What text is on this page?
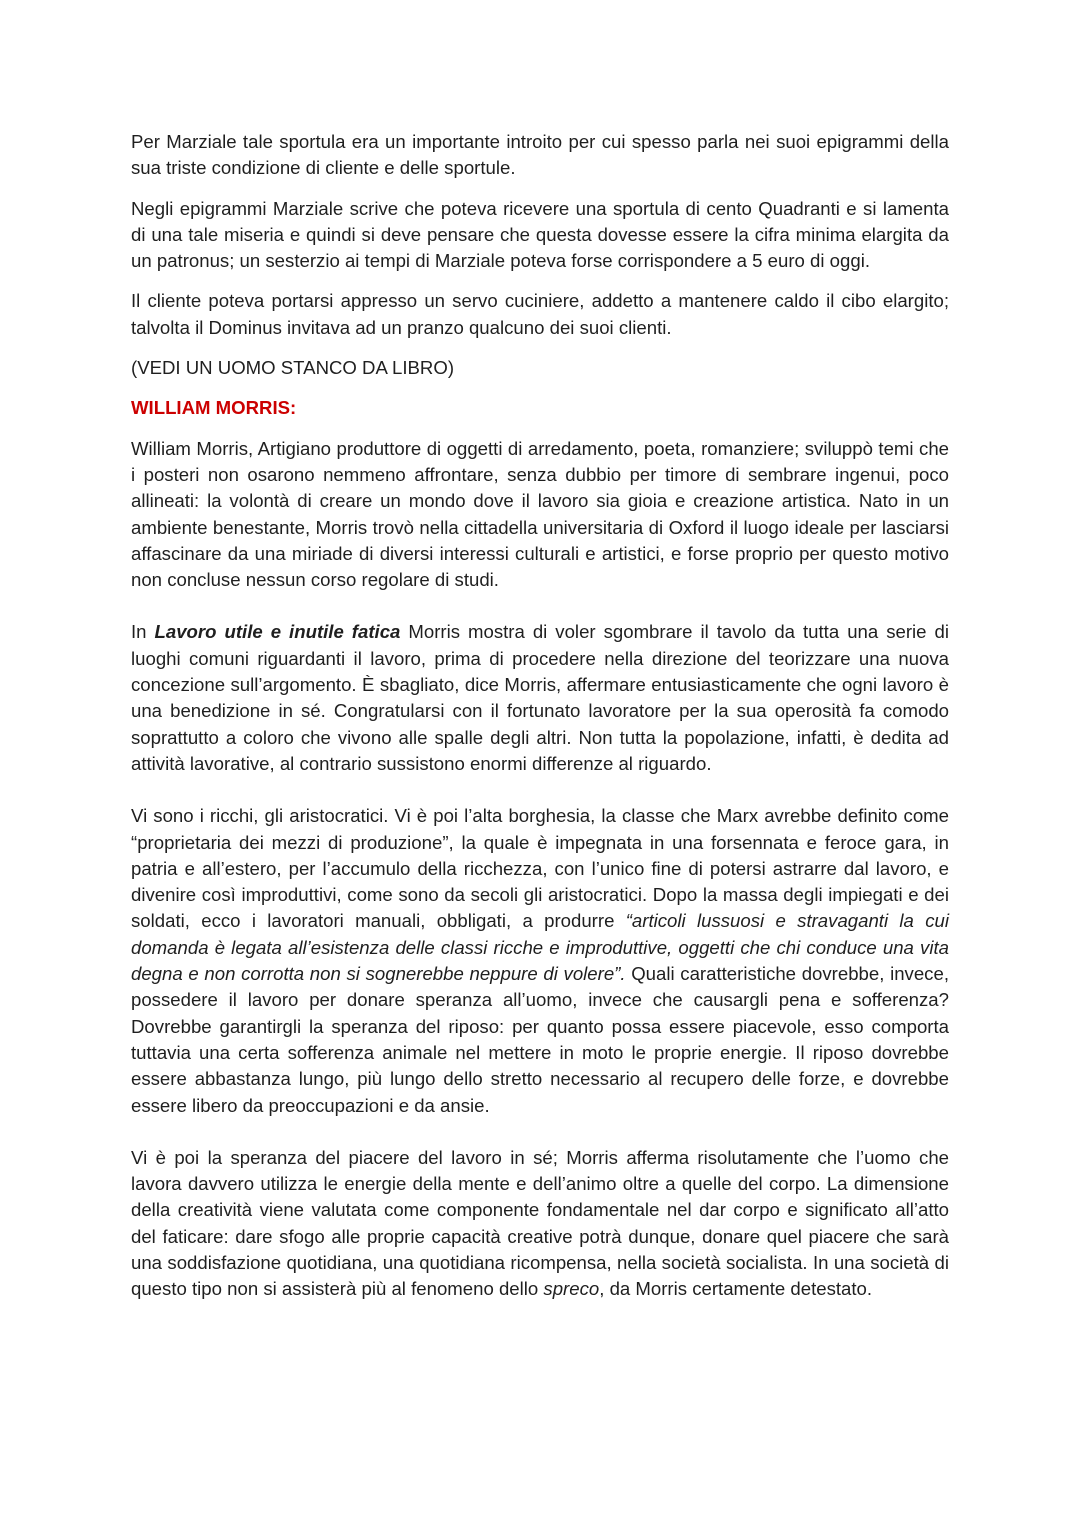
Per Marziale tale sportula era un importante introito per cui spesso parla nei suoi epigrammi della sua triste condizione di cliente e delle sportule.

Negli epigrammi Marziale scrive che poteva ricevere una sportula di cento Quadranti e si lamenta di una tale miseria e quindi si deve pensare che questa dovesse essere la cifra minima elargita da un patronus; un sesterzio ai tempi di Marziale poteva forse corrispondere a 5 euro di oggi.

Il cliente poteva portarsi appresso un servo cuciniere, addetto a mantenere caldo il cibo elargito; talvolta il Dominus invitava ad un pranzo qualcuno dei suoi clienti.

(VEDI UN UOMO STANCO DA LIBRO)

WILLIAM MORRIS:

William Morris, Artigiano produttore di oggetti di arredamento, poeta, romanziere; sviluppò temi che i posteri non osarono nemmeno affrontare, senza dubbio per timore di sembrare ingenui, poco allineati: la volontà di creare un mondo dove il lavoro sia gioia e creazione artistica. Nato in un ambiente benestante, Morris trovò nella cittadella universitaria di Oxford il luogo ideale per lasciarsi affascinare da una miriade di diversi interessi culturali e artistici, e forse proprio per questo motivo non concluse nessun corso regolare di studi.

In Lavoro utile e inutile fatica Morris mostra di voler sgombrare il tavolo da tutta una serie di luoghi comuni riguardanti il lavoro, prima di procedere nella direzione del teorizzare una nuova concezione sull’argomento. È sbagliato, dice Morris, affermare entusiasticamente che ogni lavoro è una benedizione in sé. Congratularsi con il fortunato lavoratore per la sua operosità fa comodo soprattutto a coloro che vivono alle spalle degli altri. Non tutta la popolazione, infatti, è dedita ad attività lavorative, al contrario sussistono enormi differenze al riguardo.

Vi sono i ricchi, gli aristocratici. Vi è poi l’alta borghesia, la classe che Marx avrebbe definito come “proprietaria dei mezzi di produzione”, la quale è impegnata in una forsennata e feroce gara, in patria e all’estero, per l’accumulo della ricchezza, con l’unico fine di potersi astrarre dal lavoro, e divenire così improduttivi, come sono da secoli gli aristocratici. Dopo la massa degli impiegati e dei soldati, ecco i lavoratori manuali, obbligati, a produrre “articoli lussuosi e stravaganti la cui domanda è legata all’esistenza delle classi ricche e improduttive, oggetti che chi conduce una vita degna e non corrotta non si sognerebbe neppure di volere”. Quali caratteristiche dovrebbe, invece, possedere il lavoro per donare speranza all’uomo, invece che causargli pena e sofferenza? Dovrebbe garantirgli la speranza del riposo: per quanto possa essere piacevole, esso comporta tuttavia una certa sofferenza animale nel mettere in moto le proprie energie. Il riposo dovrebbe essere abbastanza lungo, più lungo dello stretto necessario al recupero delle forze, e dovrebbe essere libero da preoccupazioni e da ansie.

Vi è poi la speranza del piacere del lavoro in sé; Morris afferma risolutamente che l’uomo che lavora davvero utilizza le energie della mente e dell’animo oltre a quelle del corpo. La dimensione della creatività viene valutata come componente fondamentale nel dar corpo e significato all’atto del faticare: dare sfogo alle proprie capacità creative potrà dunque, donare quel piacere che sarà una soddisfazione quotidiana, una quotidiana ricompensa, nella società socialista. In una società di questo tipo non si assisterà più al fenomeno dello spreco, da Morris certamente detestato.
